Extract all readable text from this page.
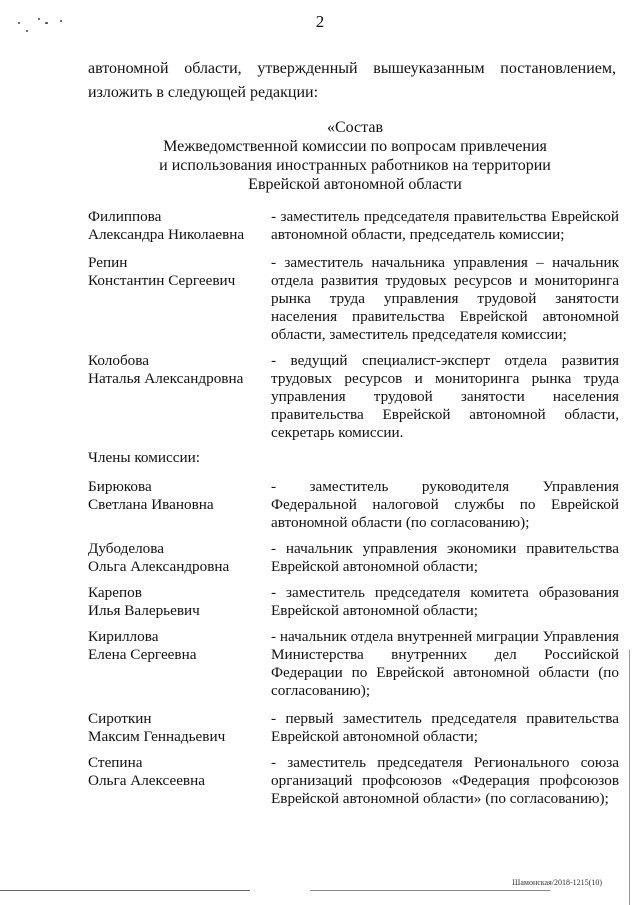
2
автономной области, утвержденный вышеуказанным постановлением,
изложить в следующей редакции:
«Состав
Межведомственной комиссии по вопросам привлечения
и использования иностранных работников на территории
Еврейской автономной области
Филиппова
Александра Николаевна
- заместитель председателя правительства Еврейской автономной области, председатель комиссии;
Репин
Константин Сергеевич
- заместитель начальника управления – начальник отдела развития трудовых ресурсов и мониторинга рынка труда управления трудовой занятости населения правительства Еврейской автономной области, заместитель председателя комиссии;
Колобова
Наталья Александровна
- ведущий специалист-эксперт отдела развития трудовых ресурсов и мониторинга рынка труда управления трудовой занятости населения правительства Еврейской автономной области, секретарь комиссии.
Члены комиссии:
Бирюкова
Светлана Ивановна
- заместитель руководителя Управления Федеральной налоговой службы по Еврейской автономной области (по согласованию);
Дубоделова
Ольга Александровна
- начальник управления экономики правительства Еврейской автономной области;
Карепов
Илья Валерьевич
- заместитель председателя комитета образования Еврейской автономной области;
Кириллова
Елена Сергеевна
- начальник отдела внутренней миграции Управления Министерства внутренних дел Российской Федерации по Еврейской автономной области (по согласованию);
Сироткин
Максим Геннадьевич
- первый заместитель председателя правительства Еврейской автономной области;
Степина
Ольга Алексеевна
- заместитель председателя Регионального союза организаций профсоюзов «Федерация профсоюзов Еврейской автономной области» (по согласованию);
Шамонская/2018-1215(10)
